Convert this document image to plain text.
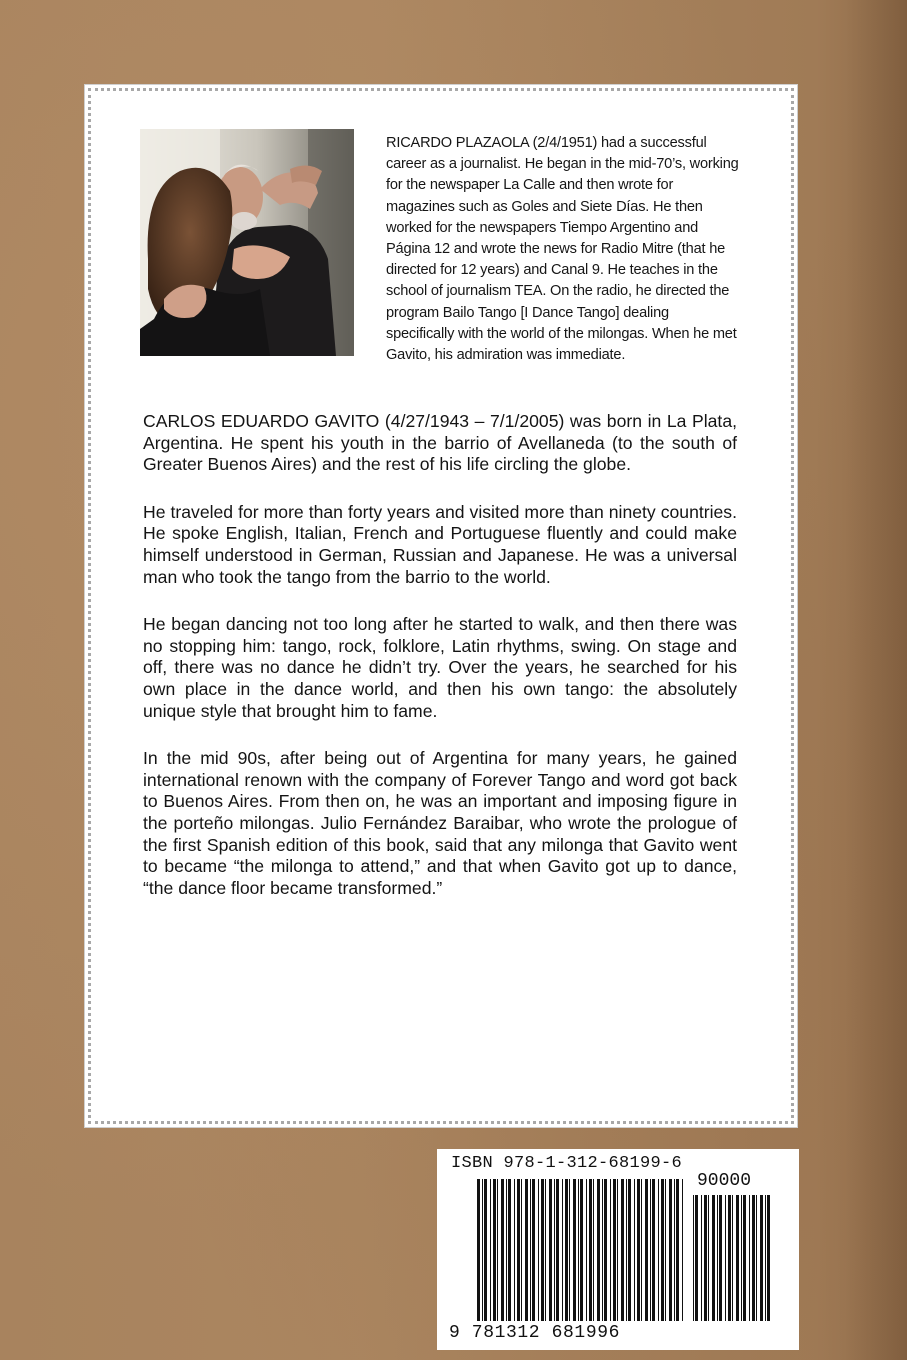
RICARDO PLAZAOLA (2/4/1951) had a successful career as a journalist. He began in the mid-70’s, working for the newspaper La Calle and then wrote for magazines such as Goles and Siete Días. He then worked for the newspapers Tiempo Argentino and Página 12 and wrote the news for Radio Mitre (that he directed for 12 years) and Canal 9. He teaches in the school of journalism TEA. On the radio, he directed the program Bailo Tango [I Dance Tango] dealing specifically with the world of the milongas. When he met Gavito, his admiration was immediate.

CARLOS EDUARDO GAVITO (4/27/1943 – 7/1/2005) was born in La Plata, Argentina. He spent his youth in the barrio of Avellaneda (to the south of Greater Buenos Aires) and the rest of his life circling the globe.

He traveled for more than forty years and visited more than ninety countries. He spoke English, Italian, French and Portuguese fluently and could make himself understood in German, Russian and Japanese. He was a universal man who took the tango from the barrio to the world.

He began dancing not too long after he started to walk, and then there was no stopping him: tango, rock, folklore, Latin rhythms, swing. On stage and off, there was no dance he didn’t try. Over the years, he searched for his own place in the dance world, and then his own tango: the absolutely unique style that brought him to fame.

In the mid 90s, after being out of Argentina for many years, he gained international renown with the company of Forever Tango and word got back to Buenos Aires. From then on, he was an important and imposing figure in the porteño milongas. Julio Fernández Baraibar, who wrote the prologue of the first Spanish edition of this book, said that any milonga that Gavito went to became “the milonga to attend,” and that when Gavito got up to dance, “the dance floor became transformed.”

ISBN 978-1-312-68199-6
90000
9 781312 681996
